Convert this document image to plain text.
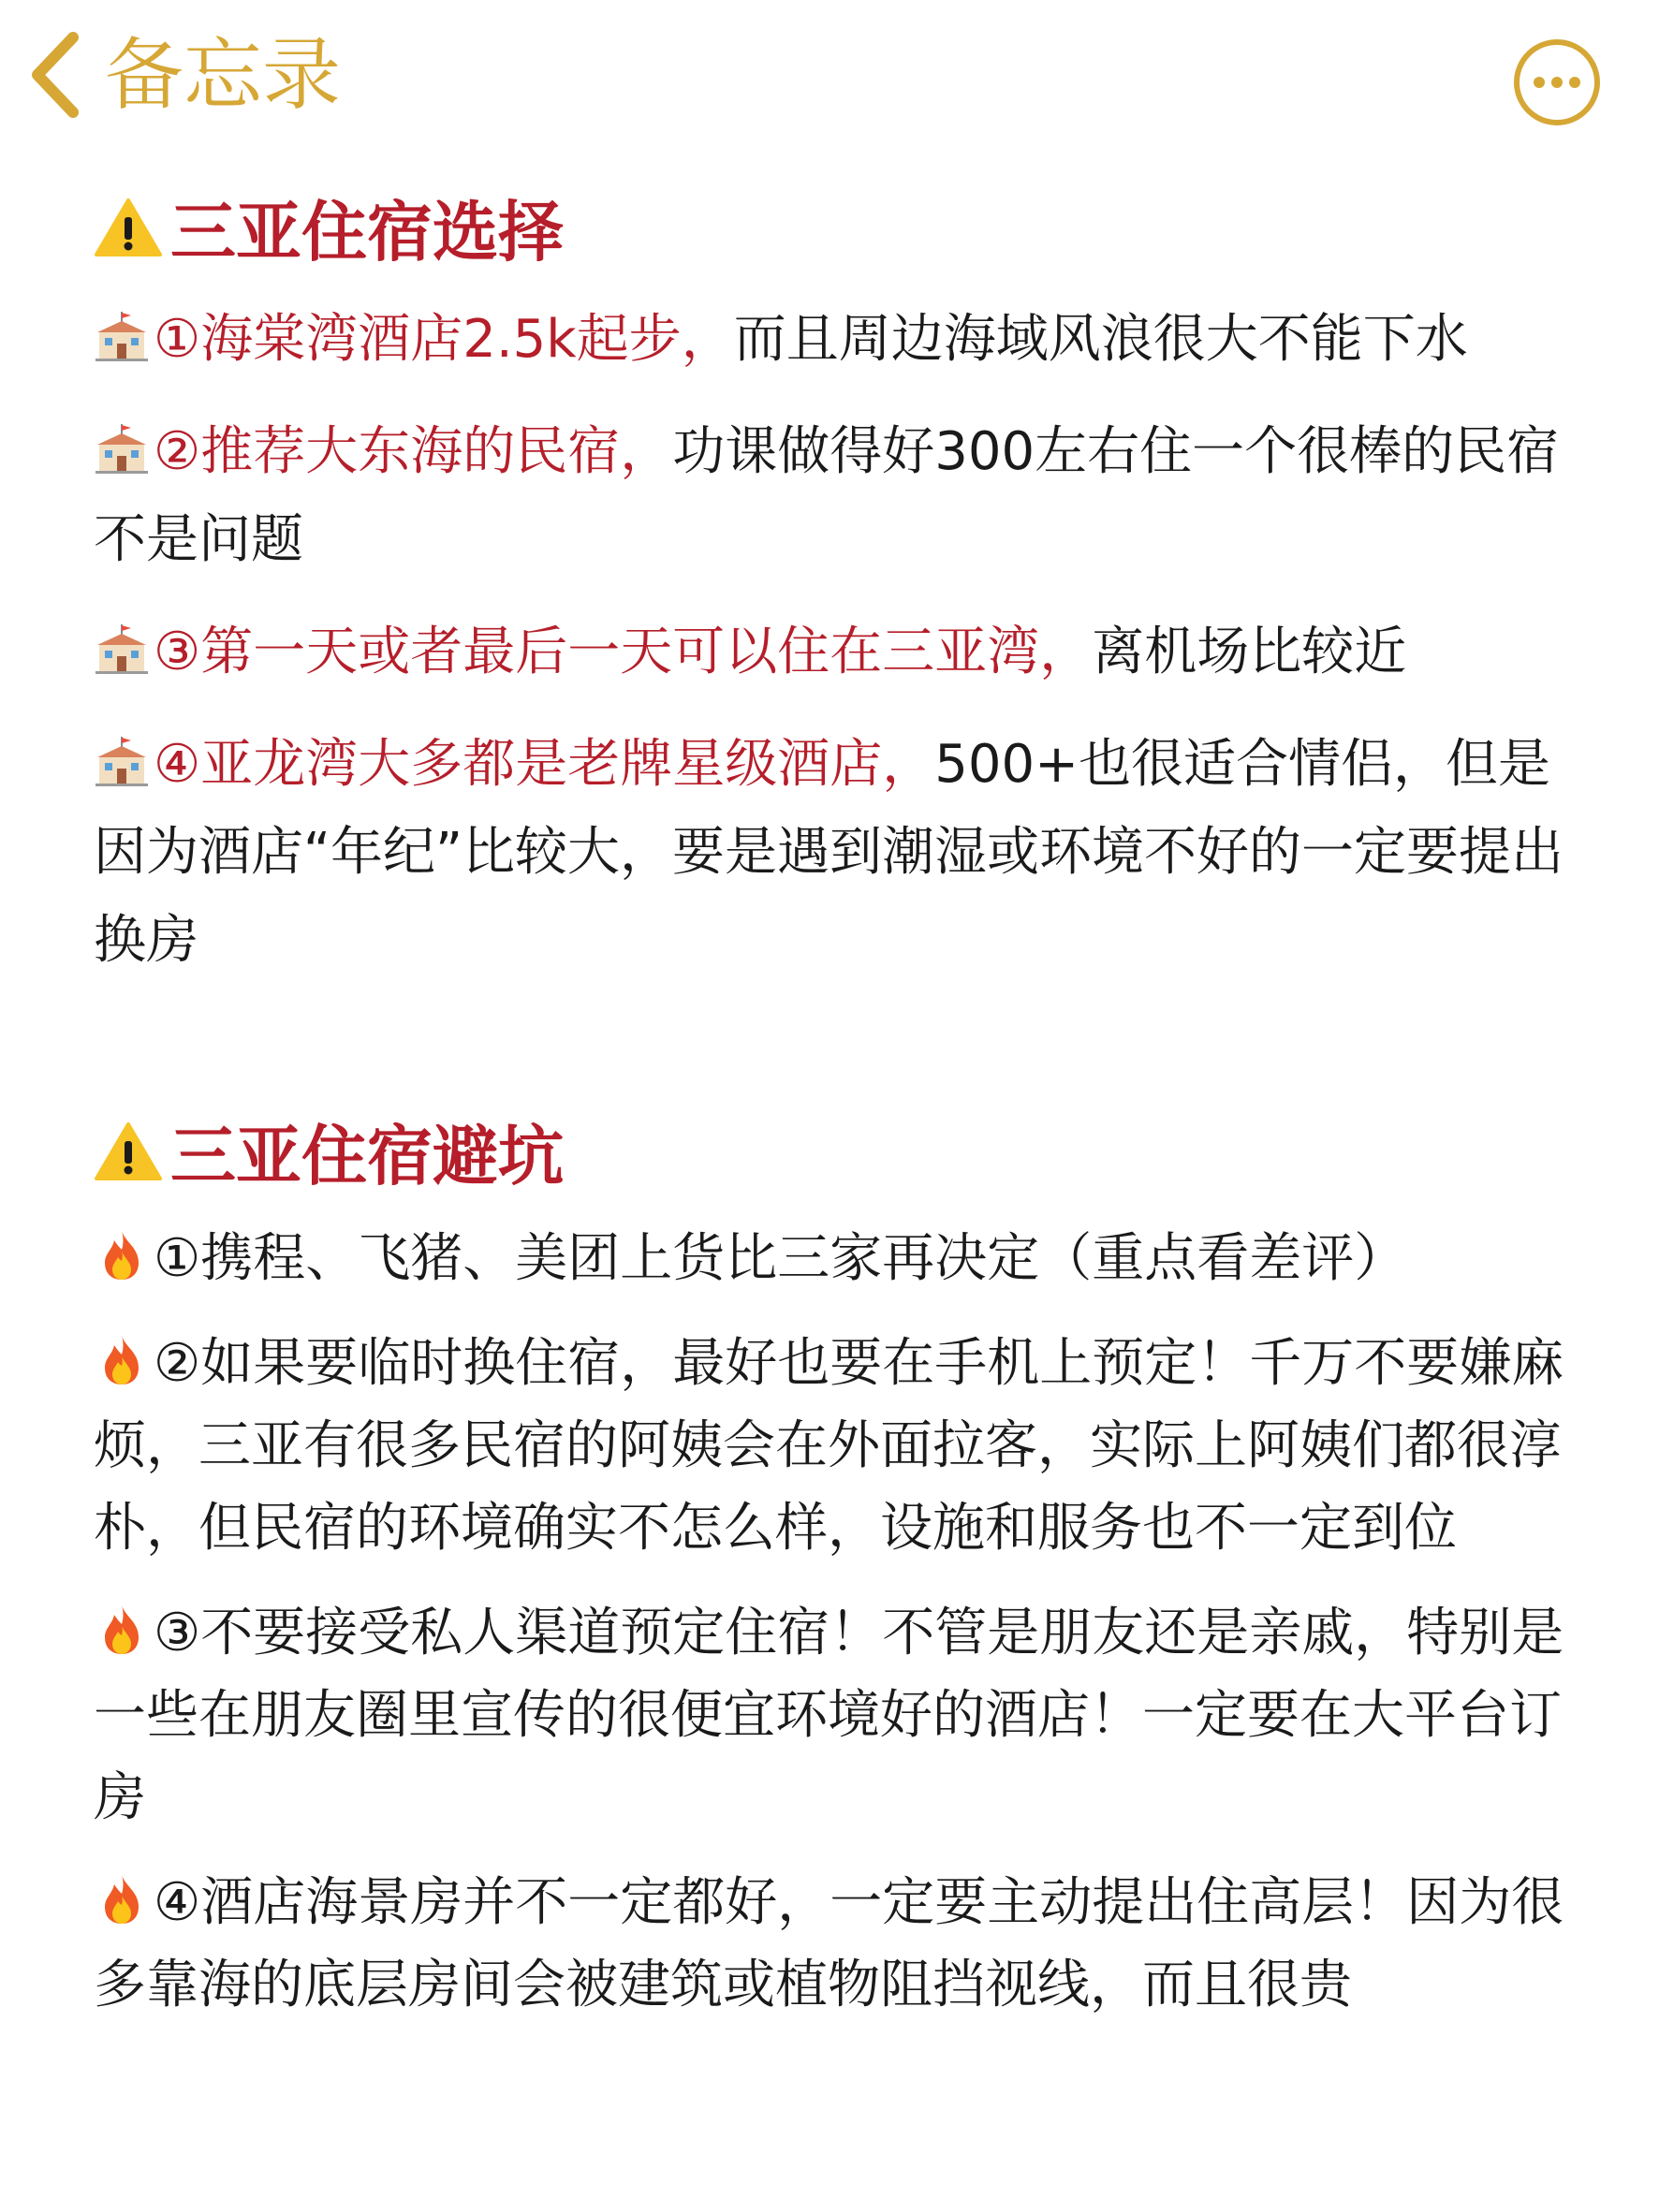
备忘录
三亚住宿选择
①海棠湾酒店2.5k起步，而且周边海域风浪很大不能下水
②推荐大东海的民宿，功课做得好300左右住一个很棒的民宿不是问题
③第一天或者最后一天可以住在三亚湾，离机场比较近
④亚龙湾大多都是老牌星级酒店，500+也很适合情侣，但是因为酒店“年纪”比较大，要是遇到潮湿或环境不好的一定要提出换房
三亚住宿避坑
①携程、飞猪、美团上货比三家再决定（重点看差评）
②如果要临时换住宿，最好也要在手机上预定！千万不要嫌麻烦，三亚有很多民宿的阿姨会在外面拉客，实际上阿姨们都很淳朴，但民宿的环境确实不怎么样，设施和服务也不一定到位
③不要接受私人渠道预定住宿！不管是朋友还是亲戚，特别是一些在朋友圈里宣传的很便宜环境好的酒店！一定要在大平台订房
④酒店海景房并不一定都好，一定要主动提出住高层！因为很多靠海的底层房间会被建筑或植物阻挡视线，而且很贵
